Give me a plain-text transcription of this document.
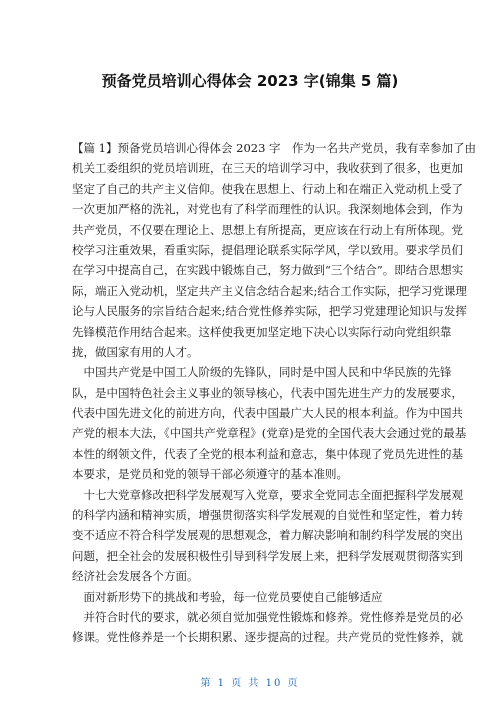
预备党员培训心得体会 2023 字(锦集 5 篇)
【篇 1】预备党员培训心得体会 2023 字　作为一名共产党员，我有幸参加了由
机关工委组织的党员培训班，在三天的培训学习中，我收获到了很多，也更加
坚定了自己的共产主义信仰。使我在思想上、行动上和在端正入党动机上受了
一次更加严格的洗礼，对党也有了科学而理性的认识。我深刻地体会到，作为
共产党员，不仅要在理论上、思想上有所提高，更应该在行动上有所体现。党
校学习注重效果，看重实际，提倡理论联系实际学风，学以致用。要求学员们
在学习中提高自己，在实践中锻炼自己，努力做到“三个结合”。即结合思想实
际，端正入党动机，坚定共产主义信念结合起来;结合工作实际，把学习党课理
论与人民服务的宗旨结合起来;结合党性修养实际，把学习党建理论知识与发挥
先锋模范作用结合起来。这样使我更加坚定地下决心以实际行动向党组织靠
拢，做国家有用的人才。
　中国共产党是中国工人阶级的先锋队，同时是中国人民和中华民族的先锋
队，是中国特色社会主义事业的领导核心，代表中国先进生产力的发展要求，
代表中国先进文化的前进方向，代表中国最广大人民的根本利益。作为中国共
产党的根本大法，《中国共产党章程》(党章)是党的全国代表大会通过党的最基
本性的纲领文件，代表了全党的根本利益和意志，集中体现了党员先进性的基
本要求，是党员和党的领导干部必须遵守的基本准则。
　十七大党章修改把科学发展观写入党章，要求全党同志全面把握科学发展观
的科学内涵和精神实质，增强贯彻落实科学发展观的自觉性和坚定性，着力转
变不适应不符合科学发展观的思想观念，着力解决影响和制约科学发展的突出
问题，把全社会的发展积极性引导到科学发展上来，把科学发展观贯彻落实到
经济社会发展各个方面。
　面对新形势下的挑战和考验，每一位党员要使自己能够适应
　并符合时代的要求，就必须自觉加强党性锻炼和修养。党性修养是党员的必
修课。党性修养是一个长期积累、逐步提高的过程。共产党员的党性修养，就
第 1 页 共 10 页
